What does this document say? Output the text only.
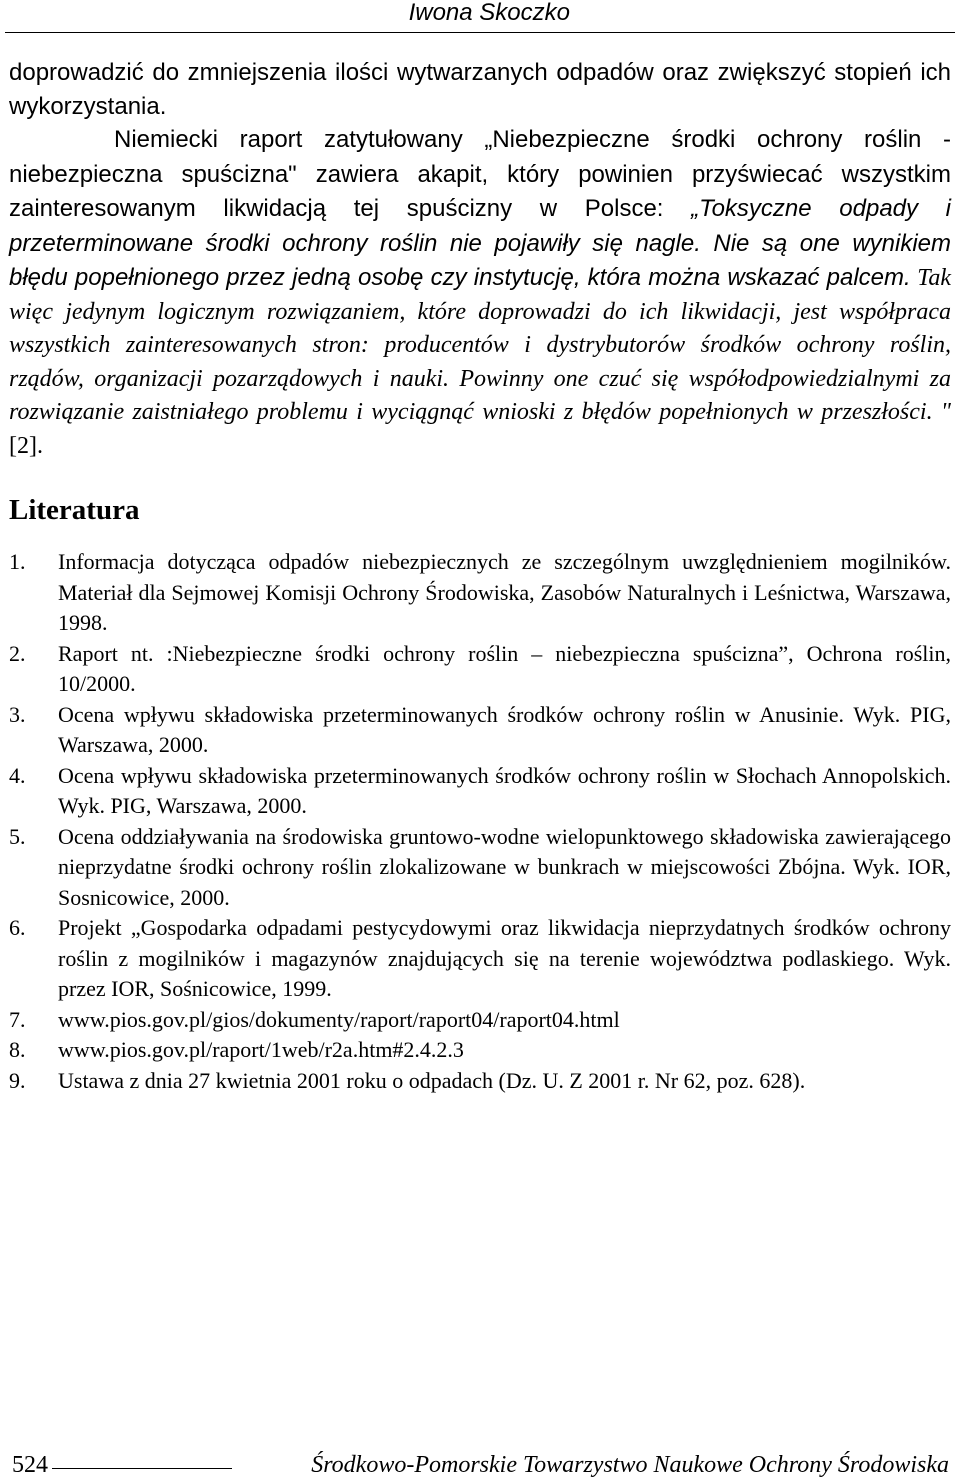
Iwona Skoczko

doprowadzić do zmniejszenia ilości wytwarzanych odpadów oraz zwiększyć stopień ich wykorzystania.

Niemiecki raport zatytułowany „Niebezpieczne środki ochrony roślin - niebezpieczna spuścizna" zawiera akapit, który powinien przyświecać wszystkim zainteresowanym likwidacją tej spuścizny w Polsce: „Toksyczne odpady i przeterminowane środki ochrony roślin nie pojawiły się nagle. Nie są one wynikiem błędu popełnionego przez jedną osobę czy instytucję, która można wskazać palcem. Tak więc jedynym logicznym rozwiązaniem, które doprowadzi do ich likwidacji, jest współpraca wszystkich zainteresowanych stron: producentów i dystrybutorów środków ochrony roślin, rządów, organizacji pozarządowych i nauki. Powinny one czuć się współodpowiedzialnymi za rozwiązanie zaistniałego problemu i wyciągnąć wnioski z błędów popełnionych w przeszłości. " [2].

Literatura
1. Informacja dotycząca odpadów niebezpiecznych ze szczególnym uwzględnieniem mogilników. Materiał dla Sejmowej Komisji Ochrony Środowiska, Zasobów Naturalnych i Leśnictwa, Warszawa, 1998.
2. Raport nt. :Niebezpieczne środki ochrony roślin – niebezpieczna spuścizna”, Ochrona roślin, 10/2000.
3. Ocena wpływu składowiska przeterminowanych środków ochrony roślin w Anusinie. Wyk. PIG, Warszawa, 2000.
4. Ocena wpływu składowiska przeterminowanych środków ochrony roślin w Słochach Annopolskich. Wyk. PIG, Warszawa, 2000.
5. Ocena oddziaływania na środowiska gruntowo-wodne wielopunktowego składowiska zawierającego nieprzydatne środki ochrony roślin zlokalizowane w bunkrach w miejscowości Zbójna. Wyk. IOR, Sosnicowice, 2000.
6. Projekt „Gospodarka odpadami pestycydowymi oraz likwidacja nieprzydatnych środków ochrony roślin z mogilników i magazynów znajdujących się na terenie województwa podlaskiego. Wyk. przez IOR, Sośnicowice, 1999.
7. www.pios.gov.pl/gios/dokumenty/raport/raport04/raport04.html
8. www.pios.gov.pl/raport/1web/r2a.htm#2.4.2.3
9. Ustawa z dnia 27 kwietnia 2001 roku o odpadach (Dz. U. Z 2001 r. Nr 62, poz. 628).
524	Środkowo-Pomorskie Towarzystwo Naukowe Ochrony Środowiska
